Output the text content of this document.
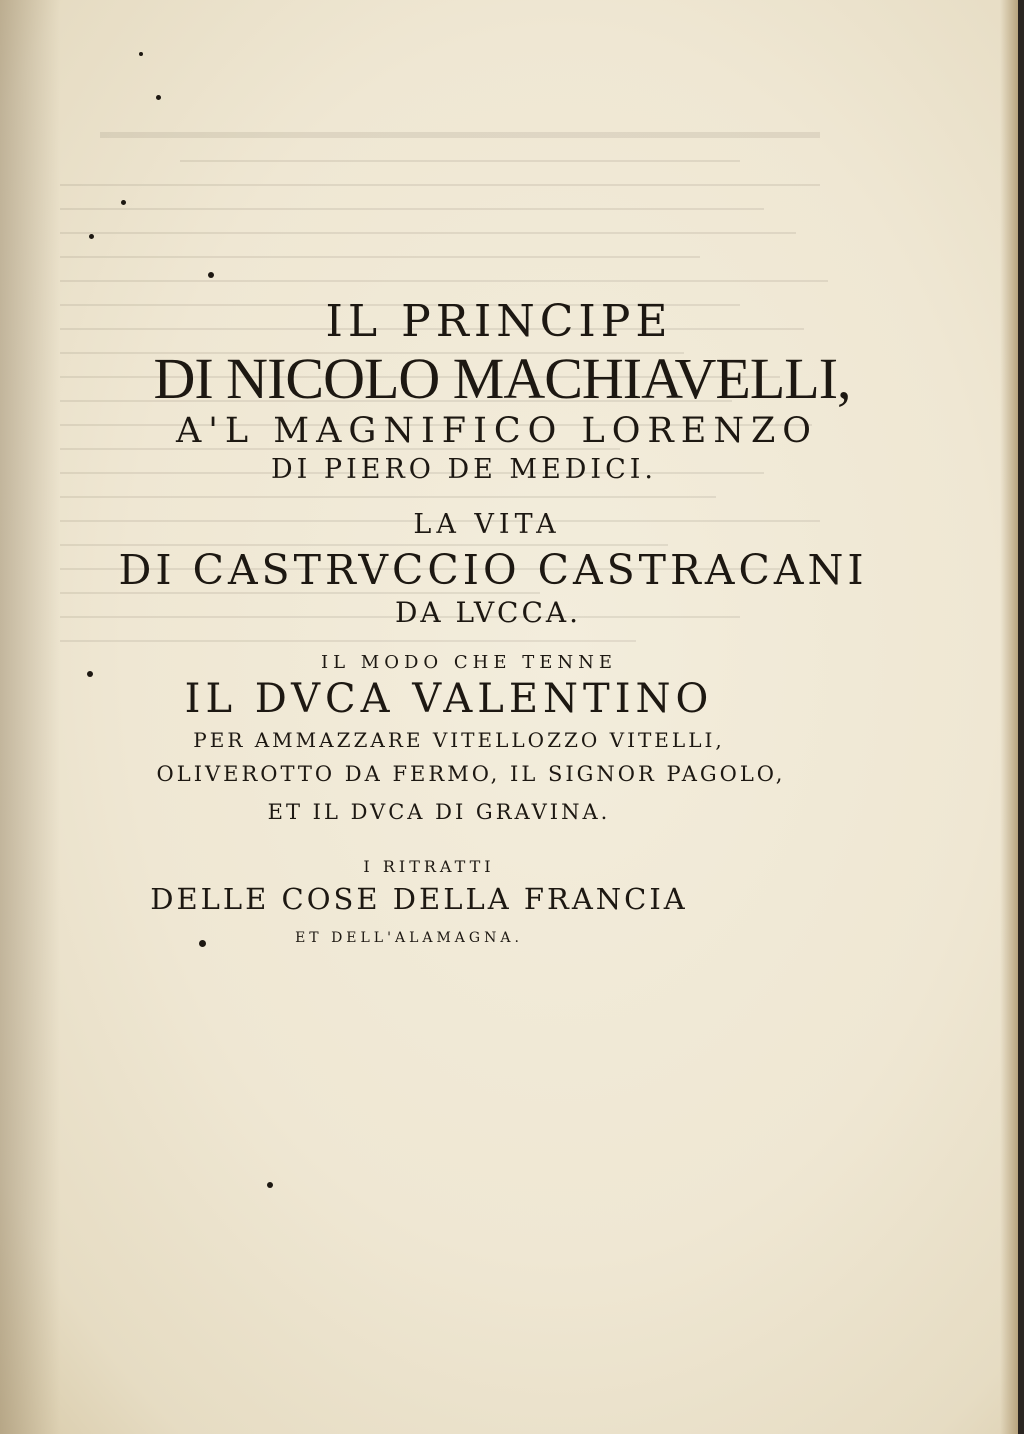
IL PRINCIPE
DI NICOLO MACHIAVELLI,
A'L MAGNIFICO LORENZO
DI PIERO DE MEDICI.
LA VITA
DI CASTRVCCIO CASTRACANI
DA LVCCA.
IL MODO CHE TENNE
IL DVCA VALENTINO
PER AMMAZZARE VITELLOZZO VITELLI,
OLIVEROTTO DA FERMO, IL SIGNOR PAGOLO,
ET IL DVCA DI GRAVINA.
I RITRATTI
DELLE COSE DELLA FRANCIA
ET DELL'ALAMAGNA.
